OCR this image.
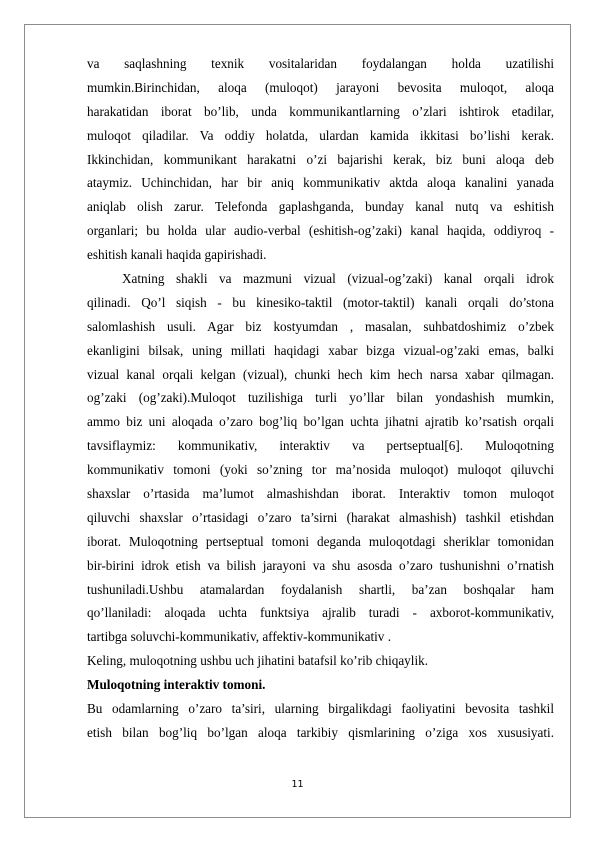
va saqlashning texnik vositalaridan foydalangan holda uzatilishi
mumkin.Birinchidan, aloqa (muloqot) jarayoni bevosita muloqot, aloqa
harakatidan iborat bo’lib, unda kommunikantlarning o’zlari ishtirok etadilar,
muloqot qiladilar. Va oddiy holatda, ulardan kamida ikkitasi bo’lishi kerak.
Ikkinchidan, kommunikant harakatni o’zi bajarishi kerak, biz buni aloqa deb
ataymiz. Uchinchidan, har bir aniq kommunikativ aktda aloqa kanalini yanada
aniqlab olish zarur. Telefonda gaplashganda, bunday kanal nutq va eshitish
organlari; bu holda ular audio-verbal (eshitish-og’zaki) kanal haqida, oddiyroq -
eshitish kanali haqida gapirishadi.
Xatning shakli va mazmuni vizual (vizual-og’zaki) kanal orqali idrok
qilinadi. Qo’l siqish - bu kinesiko-taktil (motor-taktil) kanali orqali do’stona
salomlashish usuli. Agar biz kostyumdan , masalan, suhbatdoshimiz o’zbek
ekanligini bilsak, uning millati haqidagi xabar bizga vizual-og’zaki emas, balki
vizual kanal orqali kelgan (vizual), chunki hech kim hech narsa xabar qilmagan.
og’zaki (og’zaki).Muloqot tuzilishiga turli yo’llar bilan yondashish mumkin,
ammo biz uni aloqada o’zaro bog’liq bo’lgan uchta jihatni ajratib ko’rsatish orqali
tavsiflaymiz: kommunikativ, interaktiv va pertseptual[6]. Muloqotning
kommunikativ tomoni (yoki so’zning tor ma’nosida muloqot) muloqot qiluvchi
shaxslar o’rtasida ma’lumot almashishdan iborat. Interaktiv tomon muloqot
qiluvchi shaxslar o’rtasidagi o’zaro ta’sirni (harakat almashish) tashkil etishdan
iborat. Muloqotning pertseptual tomoni deganda muloqotdagi sheriklar tomonidan
bir-birini idrok etish va bilish jarayoni va shu asosda o’zaro tushunishni o’rnatish
tushuniladi.Ushbu atamalardan foydalanish shartli, ba’zan boshqalar ham
qo’llaniladi: aloqada uchta funktsiya ajralib turadi - axborot-kommunikativ,
tartibga soluvchi-kommunikativ, affektiv-kommunikativ .
Keling, muloqotning ushbu uch jihatini batafsil ko’rib chiqaylik.
Muloqotning interaktiv tomoni.
Bu odamlarning o’zaro ta’siri, ularning birgalikdagi faoliyatini bevosita tashkil
etish bilan bog’liq bo’lgan aloqa tarkibiy qismlarining o’ziga xos xususiyati.
11
